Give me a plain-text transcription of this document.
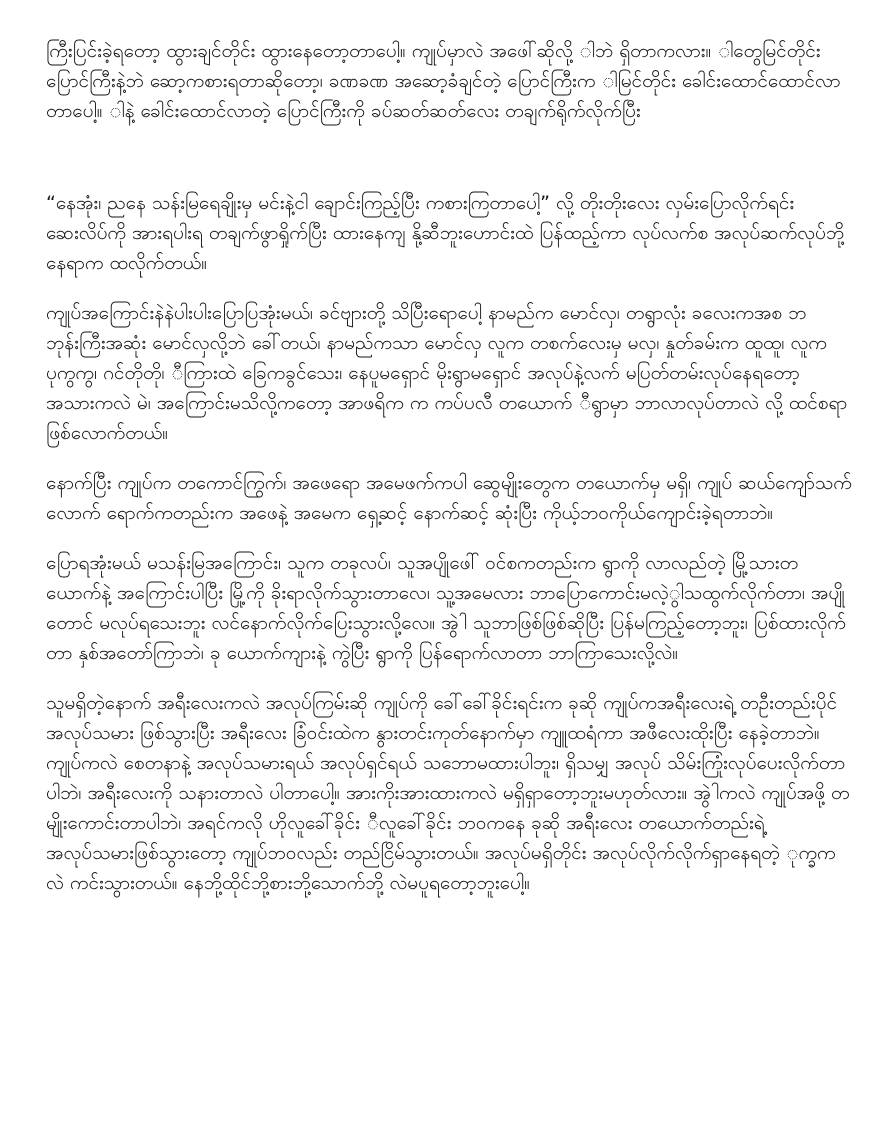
ကြီးပြင်းခဲ့ရတော့ ထွားချင်တိုင်း ထွားနေတော့တာပေါ့။ ကျုပ်မှာလဲ အဖေါ်ဆိုလို့ ါဘဲ ရှိတာကလား။ ါတွေမြင်တိုင်း ပြောင်ကြီးနဲ့ဘဲ ဆော့ကစားရတာဆိုတော့၊ ခဏခဏ အဆော့ခံချင်တဲ့ ပြောင်ကြီးက ါမြင်တိုင်း ခေါင်းထောင်ထောင်လာတာပေါ့။ ါနဲ့ ခေါင်းထောင်လာတဲ့ ပြောင်ကြီးကို ခပ်ဆတ်ဆတ်လေး တချက်ရိုက်လိုက်ပြီး

“နေအုံး၊ ညနေ သန်းမြရေချိုးမှ မင်းနဲ့ငါ ချောင်းကြည့်ပြီး ကစားကြတာပေါ့” လို့ တိုးတိုးလေး လှမ်းပြောလိုက်ရင်း ဆေးလိပ်ကို အားရပါးရ တချက်ဖွာရှိုက်ပြီး ထားနေကျ နို့ဆီဘူးဟောင်းထဲ ပြန်ထည့်ကာ လုပ်လက်စ အလုပ်ဆက်လုပ်ဘို့ နေရာက ထလိုက်တယ်။

ကျုပ်အကြောင်းနဲနဲပါးပါးပြောပြအုံးမယ်၊ ခင်ဗျားတို့ သိပြီးရောပေါ့ နာမည်က မောင်လှ၊ တရွာလုံး ခလေးကအစ ဘဘုန်းကြီးအဆုံး မောင်လှလို့ဘဲ ခေါ်တယ်၊ နာမည်ကသာ မောင်လှ လူက တစက်လေးမှ မလှ၊ နှုတ်ခမ်းက ထူထူ၊ လူက ပုကွကွ၊ ဂင်တိုတို၊ ီကြားထဲ ခြေကခွင်သေး၊ နေပူမရှောင် မိုးရွာမရှောင် အလုပ်နဲ့လက် မပြတ်တမ်းလုပ်နေရတော့ အသားကလဲ မဲ၊ အကြောင်းမသိလို့ကတော့ အာဖရိက က ကပ်ပလီ တယောက် ီရွာမှာ ဘာလာလုပ်တာလဲ လို့ ထင်စရာ ဖြစ်လောက်တယ်။

နောက်ပြီး ကျုပ်က တကောင်ကြွက်၊ အဖေရော အမေဖက်ကပါ ဆွေမျိုးတွေက တယောက်မှ မရှိ၊ ကျုပ် ဆယ်ကျော်သက်လောက် ရောက်ကတည်းက အဖေနဲ့ အမေက ရှေ့ဆင့် နောက်ဆင့် ဆုံးပြီး ကိုယ့်ဘဝကိုယ်ကျောင်းခဲ့ရတာဘဲ။

ပြောရအုံးမယ် မသန်းမြအကြောင်း၊ သူက တခုလပ်၊ သူအပျိုဖေါ် ဝင်စကတည်းက ရွာကို လာလည်တဲ့ မြို့သားတယောက်နဲ့ အကြောင်းပါပြီး မြို့ကို ခိုးရာလိုက်သွားတာလေ၊ သူ့အမေလား ဘာပြောကောင်းမလဲ့ွါသထွက်လိုက်တာ၊ အပျိုတောင် မလုပ်ရသေးဘူး လင်နောက်လိုက်ပြေးသွားလို့လေ။ အွဲါ သူဘာဖြစ်ဖြစ်ဆိုပြီး ပြန်မကြည့်တော့ဘူး၊ ပြစ်ထားလိုက်တာ နှစ်အတော်ကြာဘဲ၊ ခု ယောက်ကျားနဲ့ ကွဲပြီး ရွာကို ပြန်ရောက်လာတာ ဘာကြာသေးလို့လဲ။

သူမရှိတဲ့နောက် အရီးလေးကလဲ အလုပ်ကြမ်းဆို ကျုပ်ကို ခေါ်ခေါ်ခိုင်းရင်းက ခုဆို ကျုပ်ကအရီးလေးရဲ့ တဦးတည်းပိုင် အလုပ်သမား ဖြစ်သွားပြီး အရီးလေး ခြံဝင်းထဲက နွားတင်းကုတ်နောက်မှာ ကျူထရံကာ အဖီလေးထိုးပြီး နေခဲ့တာဘဲ။ ကျုပ်ကလဲ စေတနာနဲ့ အလုပ်သမားရယ် အလုပ်ရှင်ရယ် သဘောမထားပါဘူး၊ ရှိသမျှ အလုပ် သိမ်းကြုံးလုပ်ပေးလိုက်တာပါဘဲ၊ အရီးလေးကို သနားတာလဲ ပါတာပေါ့။ အားကိုးအားထားကလဲ မရှိရှာတော့ဘူးမဟုတ်လား။ အွဲါကလဲ ကျုပ်အဖို့ တမျိုးကောင်းတာပါဘဲ၊ အရင်ကလို ဟိုလူခေါ်ခိုင်း ီလူခေါ်ခိုင်း ဘဝကနေ ခုဆို အရီးလေး တယောက်တည်းရဲ့ အလုပ်သမားဖြစ်သွားတော့ ကျုပ်ဘဝလည်း တည်ငြိမ်သွားတယ်။ အလုပ်မရှိတိုင်း အလုပ်လိုက်လိုက်ရှာနေရတဲ့ ုက္ခကလဲ ကင်းသွားတယ်။ နေဘို့ထိုင်ဘို့စားဘို့သောက်ဘို့ လဲမပူရတော့ဘူးပေါ့။
